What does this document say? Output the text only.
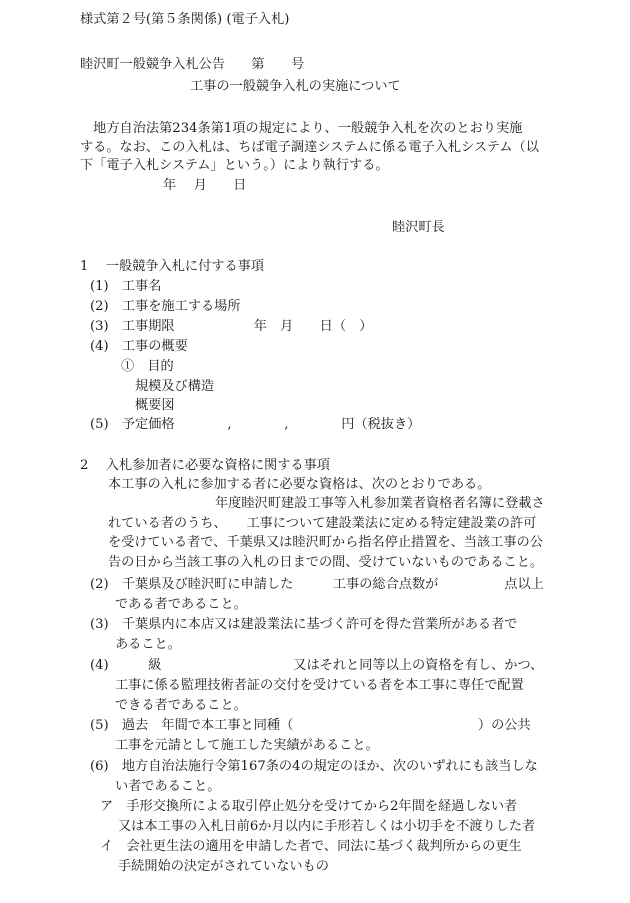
様式第２号(第５条関係) (電子入札)
睦沢町一般競争入札公告　　第　　号
工事の一般競争入札の実施について
　地方自治法第234条第1項の規定により、一般競争入札を次のとおり実施
する。なお、この入札は、ちば電子調達システムに係る電子入札システム（以
下「電子入札システム」という。）により執行する。
年　 月　　日
睦沢町長
1　 一般競争入札に付する事項
(1)　工事名
(2)　工事を施工する場所
(3)　工事期限　　　　　　年　月　　日（　）
(4)　工事の概要
①　目的
規模及び構造
概要図
(5)　予定価格　　　　,　　　　,　　　　円（税抜き）
2　 入札参加者に必要な資格に関する事項
本工事の入札に参加する者に必要な資格は、次のとおりである。
年度睦沢町建設工事等入札参加業者資格者名簿に登載さ
れている者のうち、　　工事について建設業法に定める特定建設業の許可
を受けている者で、千葉県又は睦沢町から指名停止措置を、当該工事の公
告の日から当該工事の入札の日までの間、受けていないものであること。
(2)　千葉県及び睦沢町に申請した　　　工事の総合点数が　　　　　点以上
である者であること。
(3)　千葉県内に本店又は建設業法に基づく許可を得た営業所がある者で
あること。
(4)　　　級　　　　　　　　　　又はそれと同等以上の資格を有し、かつ、
工事に係る監理技術者証の交付を受けている者を本工事に専任で配置
できる者であること。
(5)　過去　年間で本工事と同種（　　　　　　　　　　　　　　）の公共
工事を元請として施工した実績があること。
(6)　地方自治法施行令第167条の4の規定のほか、次のいずれにも該当しな
い者であること。
ア　手形交換所による取引停止処分を受けてから2年間を経過しない者
又は本工事の入札日前6か月以内に手形若しくは小切手を不渡りした者
イ　会社更生法の適用を申請した者で、同法に基づく裁判所からの更生
手続開始の決定がされていないもの
